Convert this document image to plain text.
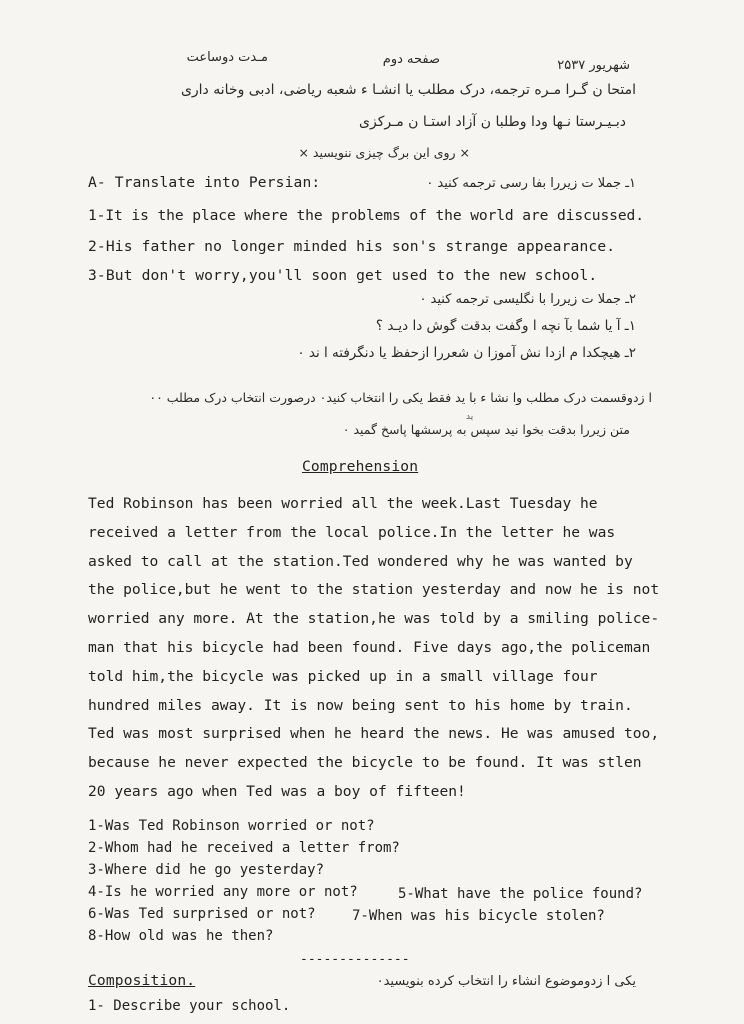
مـدت دوساعت	صفحه دوم	شهریور ۲۵۳۷
امتحا ن گـرا مـره ترجمه، درک مطلب یا انشـا ء شعبه ریاضی، ادبی وخانه داری
دبـیـرستا نـها ودا وطلبا ن آزاد استـا ن مـرکزی
× روی این برگ چیزی ننویسید ×
A- Translate into Persian:	۱ـ جملا ت زیررا بفا رسی ترجمه کنید ٠
1-It is the place where the problems of the world are discussed.
2-His father no longer minded his son's strange appearance.
3-But don't worry,you'll soon get used to the new school.
۲ـ جملا ت زیررا با نگلیسی ترجمه کنید ٠
۱ـ آ یا شما بآ نچه ا وگفت بدقت گوش دا دیـد ؟
۲ـ هیچکدا م ازدا نش آموزا ن شعررا ازحفظ یا دنگرفته ا ند ٠
ا زدوقسمت درک مطلب وا نشا ء با ید فقط یکی را انتخاب کنید٠ درصورت انتخاب درک مطلب ٠٠
ید
متن زیررا بدقت بخوا نید سپس به پرسشها پاسخ گمید ٠
Comprehension
Ted Robinson has been worried all the week.Last Tuesday he
received a letter from the local police.In the letter he was
asked to call at the station.Ted wondered why he was wanted by
the police,but he went to the station yesterday and now he is not
worried any more. At the station,he was told by a smiling police-
man that his bicycle had been found. Five days ago,the policeman
told him,the bicycle was picked up in a small village four
hundred miles away. It is now being sent to his home by train.
Ted was most surprised when he heard the news. He was amused too,
because he never expected the bicycle to be found. It was stlen
20 years ago when Ted was a boy of fifteen!
1-Was Ted Robinson worried or not?
2-Whom had he received a letter from?
3-Where did he go yesterday?
4-Is he worried any more or not?	5-What have the police found?
6-Was Ted surprised or not?	7-When was his bicycle stolen?
8-How old was he then?
--------------
Composition.	یکی ا زدوموضوع انشاء را انتخاب کرده بنویسید٠
1- Describe your school.
